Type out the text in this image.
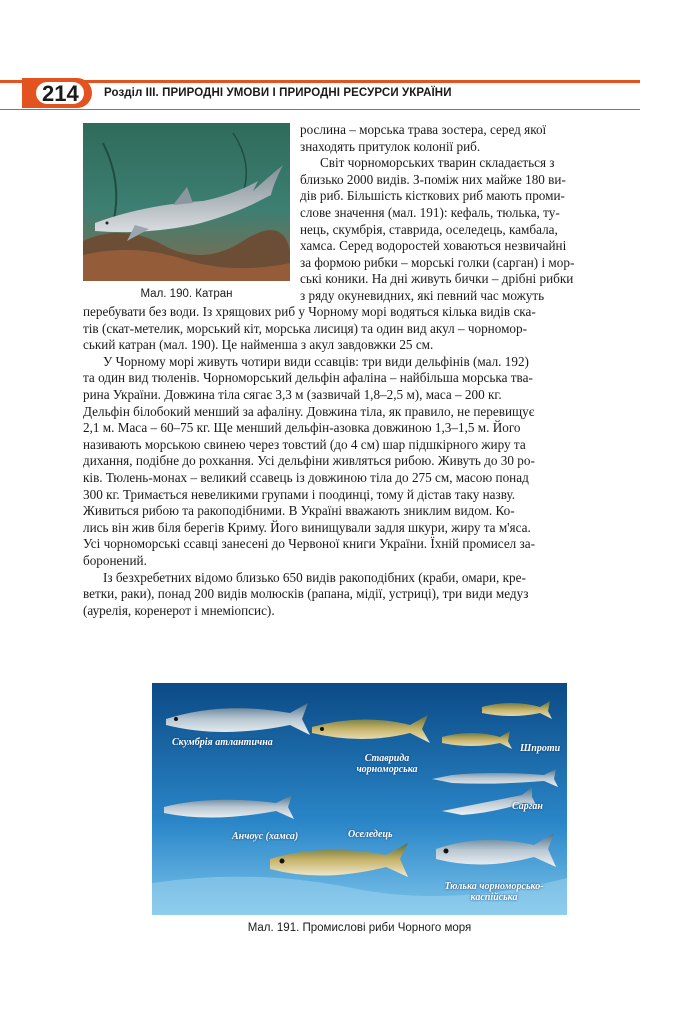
214 Розділ ІІІ. ПРИРОДНІ УМОВИ І ПРИРОДНІ РЕСУРСИ УКРАЇНИ
Мал. 190. Катран
рослина – морська трава зостера, серед якої
знаходять притулок колонії риб.
Світ чорноморських тварин складається з
близько 2000 видів. З-поміж них майже 180 ви-
дів риб. Більшість кісткових риб мають проми-
слове значення (мал. 191): кефаль, тюлька, ту-
нець, скумбрія, ставрида, оселедець, камбала,
хамса. Серед водоростей ховаються незвичайні
за формою рибки – морські голки (сарган) і мор-
ські коники. На дні живуть бички – дрібні рибки
з ряду окуневидних, які певний час можуть
перебувати без води. Із хрящових риб у Чорному морі водяться кілька видів ска-
тів (скат-метелик, морський кіт, морська лисиця) та один вид акул – чорномор-
ський катран (мал. 190). Це найменша з акул завдовжки 25 см.
У Чорному морі живуть чотири види ссавців: три види дельфінів (мал. 192)
та один вид тюленів. Чорноморський дельфін афаліна – найбільша морська тва-
рина України. Довжина тіла сягає 3,3 м (зазвичай 1,8–2,5 м), маса – 200 кг.
Дельфін білобокий менший за афаліну. Довжина тіла, як правило, не перевищує
2,1 м. Маса – 60–75 кг. Ще менший дельфін-азовка довжиною 1,3–1,5 м. Його
називають морською свинею через товстий (до 4 см) шар підшкірного жиру та
дихання, подібне до рохкання. Усі дельфіни живляться рибою. Живуть до 30 ро-
ків. Тюлень-монах – великий ссавець із довжиною тіла до 275 см, масою понад
300 кг. Тримається невеликими групами і поодинці, тому й дістав таку назву.
Живиться рибою та ракоподібними. В Україні вважають зниклим видом. Ко-
лись він жив біля берегів Криму. Його винищували задля шкури, жиру та м'яса.
Усі чорноморські ссавці занесені до Червоної книги України. Їхній промисел за-
боронений.
Із безхребетних відомо близько 650 видів ракоподібних (краби, омари, кре-
ветки, раки), понад 200 видів молюсків (рапана, мідії, устриці), три види медуз
(аурелія, коренерот і мнеміопсис).
Скумбрія атлантична
Ставрида чорноморська
Шпроти
Сарган
Анчоус (хамса)	Оселедець
Тюлька чорноморсько-каспійська
Мал. 191. Промислові риби Чорного моря
